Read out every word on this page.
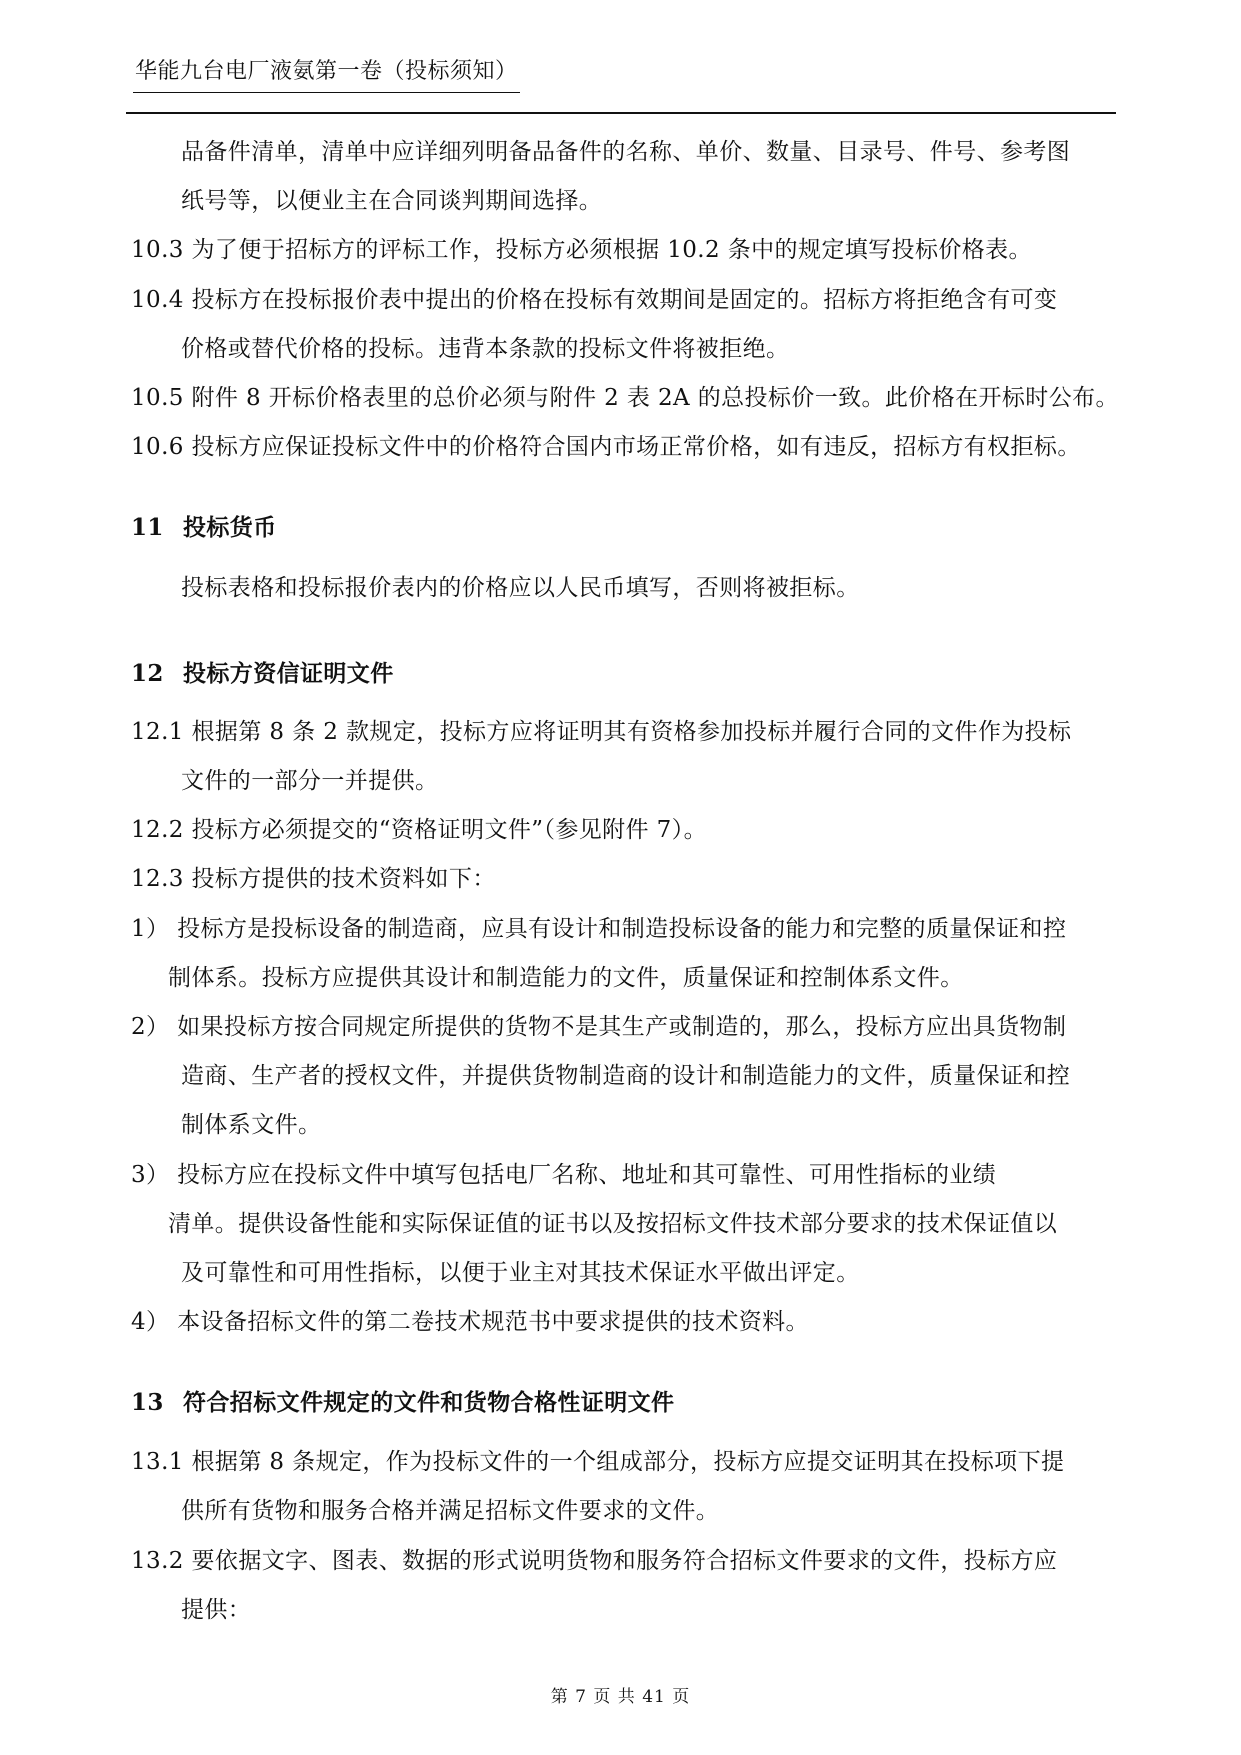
华能九台电厂液氨第一卷（投标须知）
品备件清单，清单中应详细列明备品备件的名称、单价、数量、目录号、件号、参考图
纸号等，以便业主在合同谈判期间选择。
10.3 为了便于招标方的评标工作，投标方必须根据 10.2 条中的规定填写投标价格表。
10.4 投标方在投标报价表中提出的价格在投标有效期间是固定的。招标方将拒绝含有可变
价格或替代价格的投标。违背本条款的投标文件将被拒绝。
10.5 附件 8 开标价格表里的总价必须与附件 2 表 2A 的总投标价一致。此价格在开标时公布。
10.6 投标方应保证投标文件中的价格符合国内市场正常价格，如有违反，招标方有权拒标。
11 投标货币
投标表格和投标报价表内的价格应以人民币填写，否则将被拒标。
12 投标方资信证明文件
12.1 根据第 8 条 2 款规定，投标方应将证明其有资格参加投标并履行合同的文件作为投标
文件的一部分一并提供。
12.2 投标方必须提交的“资格证明文件”（参见附件 7）。
12.3 投标方提供的技术资料如下：
1） 投标方是投标设备的制造商，应具有设计和制造投标设备的能力和完整的质量保证和控
制体系。投标方应提供其设计和制造能力的文件，质量保证和控制体系文件。
2） 如果投标方按合同规定所提供的货物不是其生产或制造的，那么，投标方应出具货物制
造商、生产者的授权文件，并提供货物制造商的设计和制造能力的文件，质量保证和控
制体系文件。
3） 投标方应在投标文件中填写包括电厂名称、地址和其可靠性、可用性指标的业绩
清单。提供设备性能和实际保证值的证书以及按招标文件技术部分要求的技术保证值以
及可靠性和可用性指标，以便于业主对其技术保证水平做出评定。
4） 本设备招标文件的第二卷技术规范书中要求提供的技术资料。
13 符合招标文件规定的文件和货物合格性证明文件
13.1 根据第 8 条规定，作为投标文件的一个组成部分，投标方应提交证明其在投标项下提
供所有货物和服务合格并满足招标文件要求的文件。
13.2 要依据文字、图表、数据的形式说明货物和服务符合招标文件要求的文件，投标方应
提供：
第 7 页 共 41 页
